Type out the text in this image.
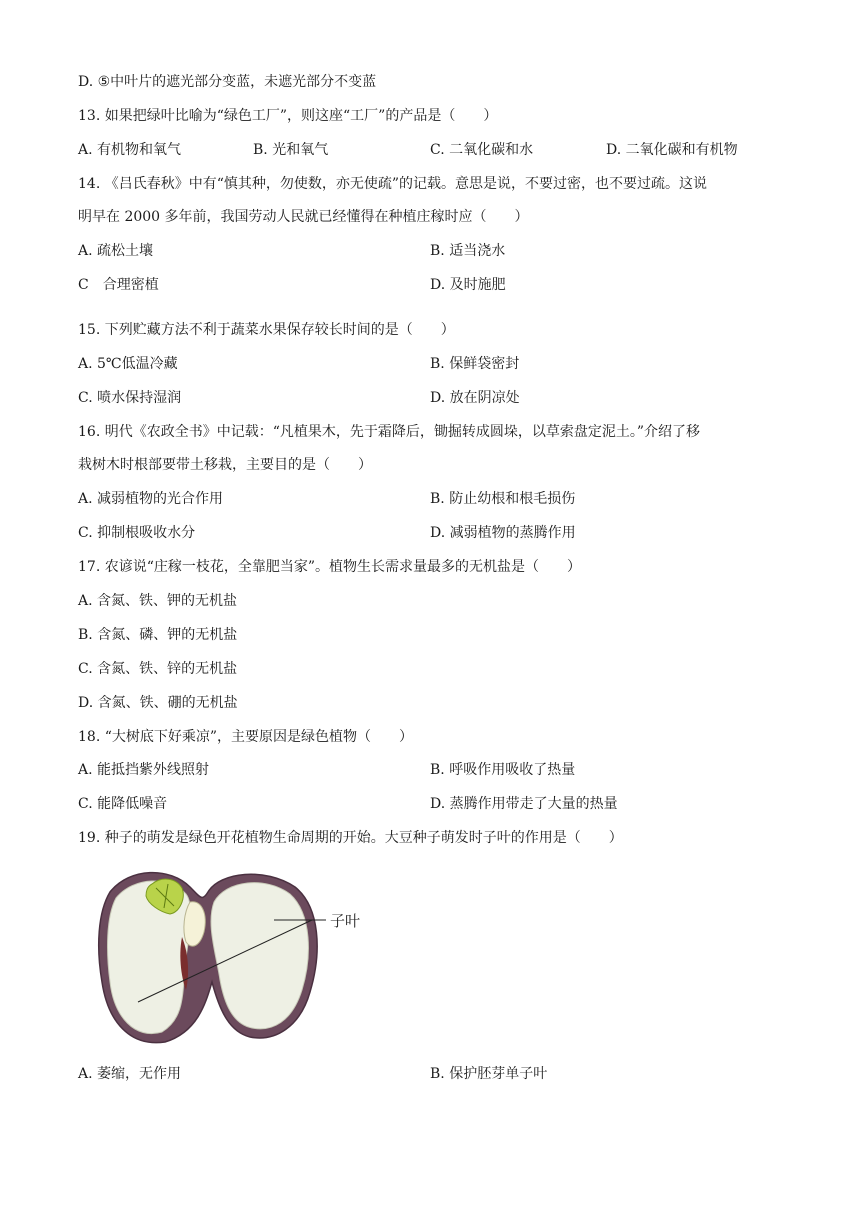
D. ⑤中叶片的遮光部分变蓝，未遮光部分不变蓝
13. 如果把绿叶比喻为“绿色工厂”，则这座“工厂”的产品是（　　）
A. 有机物和氧气	B. 光和氧气	C. 二氧化碳和水	D. 二氧化碳和有机物
14. 《吕氏春秋》中有“慎其种，勿使数，亦无使疏”的记载。意思是说，不要过密，也不要过疏。这说
明早在 2000 多年前，我国劳动人民就已经懂得在种植庄稼时应（　　）
A. 疏松土壤	B. 适当浇水
C　合理密植	D. 及时施肥
15. 下列贮藏方法不利于蔬菜水果保存较长时间的是（　　）
A. 5℃低温冷藏	B. 保鲜袋密封
C. 喷水保持湿润	D. 放在阴凉处
16. 明代《农政全书》中记载：“凡植果木，先于霜降后，锄掘转成圆垛，以草索盘定泥土。”介绍了移
栽树木时根部要带土移栽，主要目的是（　　）
A. 减弱植物的光合作用	B. 防止幼根和根毛损伤
C. 抑制根吸收水分	D. 减弱植物的蒸腾作用
17. 农谚说“庄稼一枝花，全靠肥当家”。植物生长需求量最多的无机盐是（　　）
A. 含氮、铁、钾的无机盐
B. 含氮、磷、钾的无机盐
C. 含氮、铁、锌的无机盐
D. 含氮、铁、硼的无机盐
18. “大树底下好乘凉”，主要原因是绿色植物（　　）
A. 能抵挡紫外线照射	B. 呼吸作用吸收了热量
C. 能降低噪音	D. 蒸腾作用带走了大量的热量
19. 种子的萌发是绿色开花植物生命周期的开始。大豆种子萌发时子叶的作用是（　　）
子叶
A. 萎缩，无作用	B. 保护胚芽单子叶
